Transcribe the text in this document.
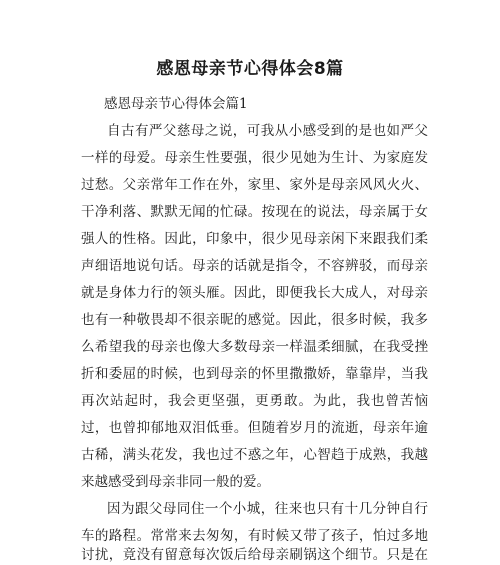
感恩母亲节心得体会8篇
感恩母亲节心得体会篇1
自古有严父慈母之说，可我从小感受到的是也如严父
一样的母爱。母亲生性要强，很少见她为生计、为家庭发
过愁。父亲常年工作在外，家里、家外是母亲风风火火、
干净利落、默默无闻的忙碌。按现在的说法，母亲属于女
强人的性格。因此，印象中，很少见母亲闲下来跟我们柔
声细语地说句话。母亲的话就是指令，不容辨驳，而母亲
就是身体力行的领头雁。因此，即便我长大成人，对母亲
也有一种敬畏却不很亲昵的感觉。因此，很多时候，我多
么希望我的母亲也像大多数母亲一样温柔细腻，在我受挫
折和委屈的时候，也到母亲的怀里撒撒娇，靠靠岸，当我
再次站起时，我会更坚强，更勇敢。为此，我也曾苦恼
过，也曾抑郁地双泪低垂。但随着岁月的流逝，母亲年逾
古稀，满头花发，我也过不惑之年，心智趋于成熟，我越
来越感受到母亲非同一般的爱。
因为跟父母同住一个小城，往来也只有十几分钟自行
车的路程。常常来去匆匆，有时候又带了孩子，怕过多地
讨扰，竟没有留意每次饭后给母亲刷锅这个细节。只是在
